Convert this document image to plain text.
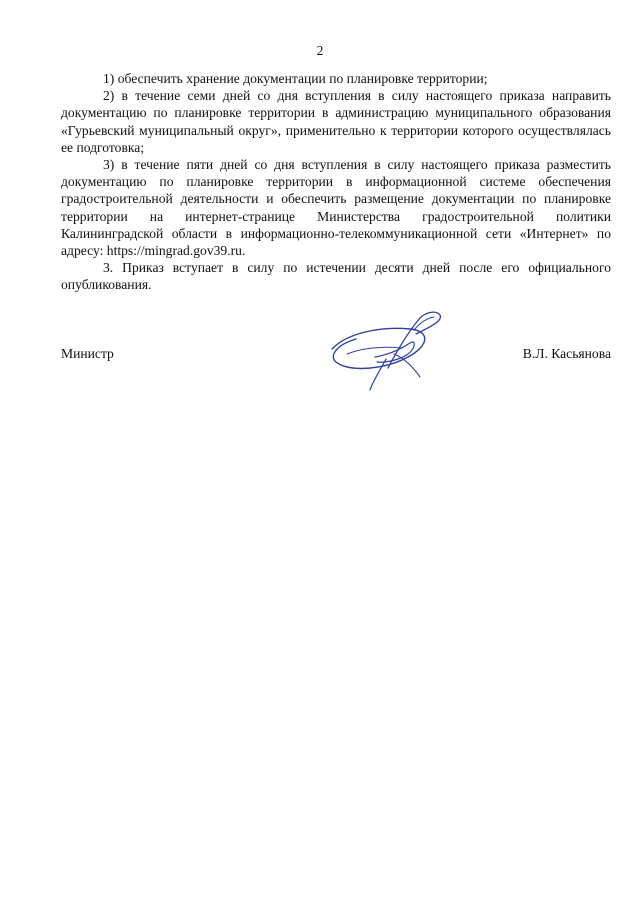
2

1) обеспечить хранение документации по планировке территории;

2) в течение семи дней со дня вступления в силу настоящего приказа направить документацию по планировке территории в администрацию муниципального образования «Гурьевский муниципальный округ», применительно к территории которого осуществлялась ее подготовка;

3) в течение пяти дней со дня вступления в силу настоящего приказа разместить документацию по планировке территории в информационной системе обеспечения градостроительной деятельности и обеспечить размещение документации по планировке территории на интернет-странице Министерства градостроительной политики Калининградской области в информационно-телекоммуникационной сети «Интернет» по адресу: https://mingrad.gov39.ru.

3. Приказ вступает в силу по истечении десяти дней после его официального опубликования.

Министр	В.Л. Касьянова
